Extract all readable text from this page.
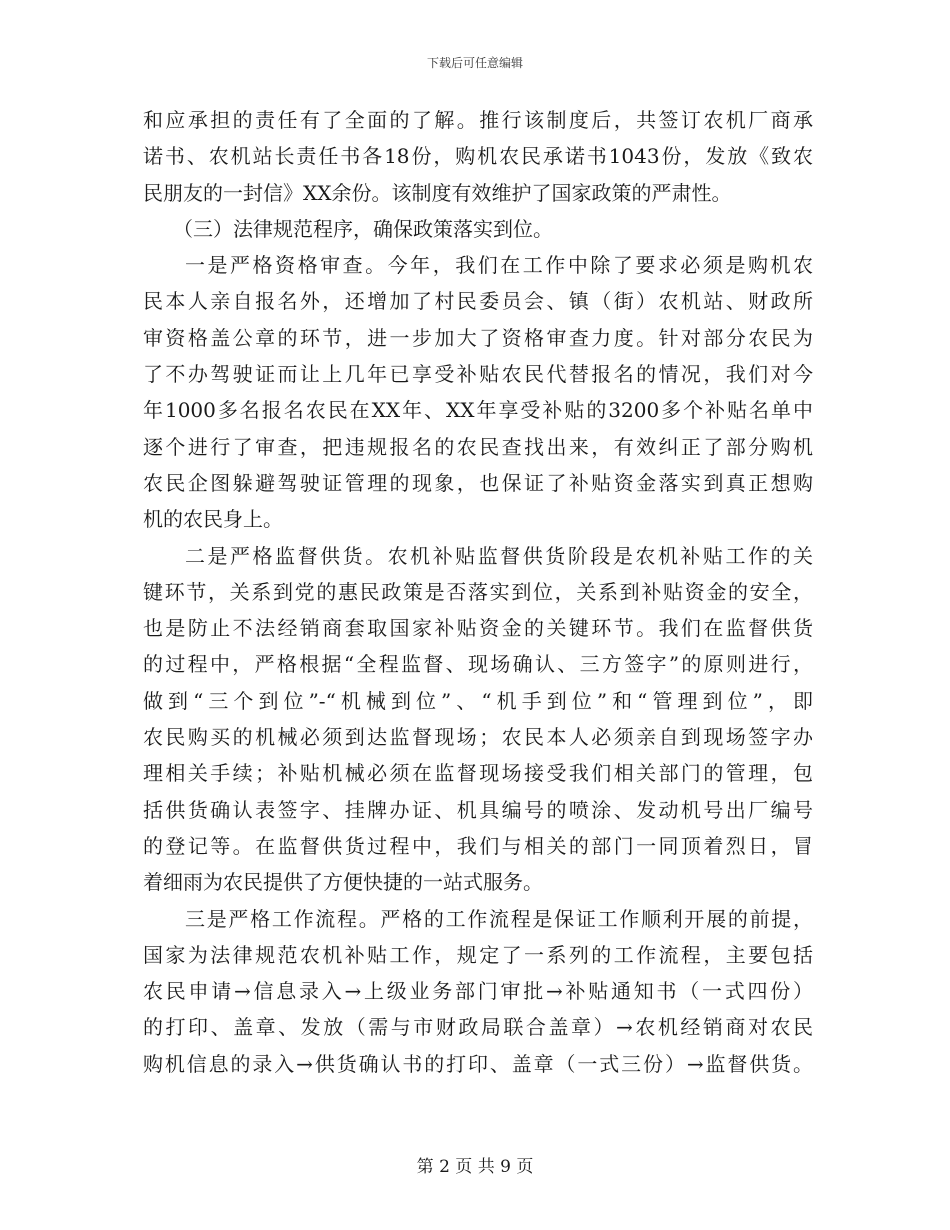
下载后可任意编辑
和应承担的责任有了全面的了解。推行该制度后，共签订农机厂商承
诺书、农机站长责任书各18份，购机农民承诺书1043份，发放《致农
民朋友的一封信》XX余份。该制度有效维护了国家政策的严肃性。
（三）法律规范程序，确保政策落实到位。
一是严格资格审查。今年，我们在工作中除了要求必须是购机农
民本人亲自报名外，还增加了村民委员会、镇（街）农机站、财政所
审资格盖公章的环节，进一步加大了资格审查力度。针对部分农民为
了不办驾驶证而让上几年已享受补贴农民代替报名的情况，我们对今
年1000多名报名农民在XX年、XX年享受补贴的3200多个补贴名单中
逐个进行了审查，把违规报名的农民查找出来，有效纠正了部分购机
农民企图躲避驾驶证管理的现象，也保证了补贴资金落实到真正想购
机的农民身上。
二是严格监督供货。农机补贴监督供货阶段是农机补贴工作的关
键环节，关系到党的惠民政策是否落实到位，关系到补贴资金的安全，
也是防止不法经销商套取国家补贴资金的关键环节。我们在监督供货
的过程中，严格根据“全程监督、现场确认、三方签字”的原则进行，
做到“三个到位”-“机械到位”、“机手到位”和“管理到位”，即
农民购买的机械必须到达监督现场；农民本人必须亲自到现场签字办
理相关手续；补贴机械必须在监督现场接受我们相关部门的管理，包
括供货确认表签字、挂牌办证、机具编号的喷涂、发动机号出厂编号
的登记等。在监督供货过程中，我们与相关的部门一同顶着烈日，冒
着细雨为农民提供了方便快捷的一站式服务。
三是严格工作流程。严格的工作流程是保证工作顺利开展的前提，
国家为法律规范农机补贴工作，规定了一系列的工作流程，主要包括
农民申请→信息录入→上级业务部门审批→补贴通知书（一式四份）
的打印、盖章、发放（需与市财政局联合盖章）→农机经销商对农民
购机信息的录入→供货确认书的打印、盖章（一式三份）→监督供货。
第 2 页 共 9 页
